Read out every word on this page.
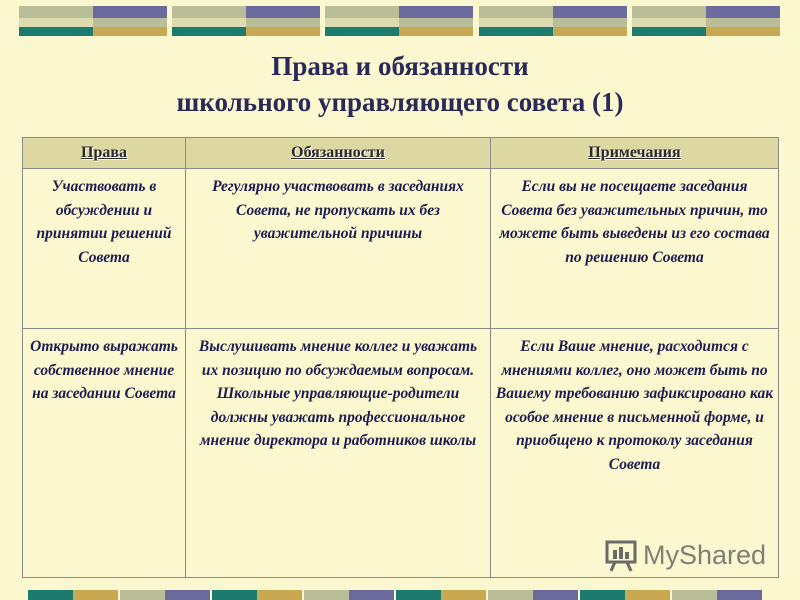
Права и обязанности
школьного управляющего совета (1)
Права	Обязанности	Примечания
Участвовать в обсуждении и принятии решений Совета	Регулярно участвовать в заседаниях Совета, не пропускать их без уважительной причины	Если вы не посещаете заседания Совета без уважительных причин, то можете быть выведены из его состава по решению Совета
Открыто выражать собственное мнение на заседании Совета	Выслушивать мнение коллег и уважать их позицию по обсуждаемым вопросам. Школьные управляющие-родители должны уважать профессиональное мнение директора и работников школы	Если Ваше мнение, расходится с мнениями коллег, оно может быть по Вашему требованию зафиксировано как особое мнение в письменной форме, и приобщено к протоколу заседания Совета
MyShared
